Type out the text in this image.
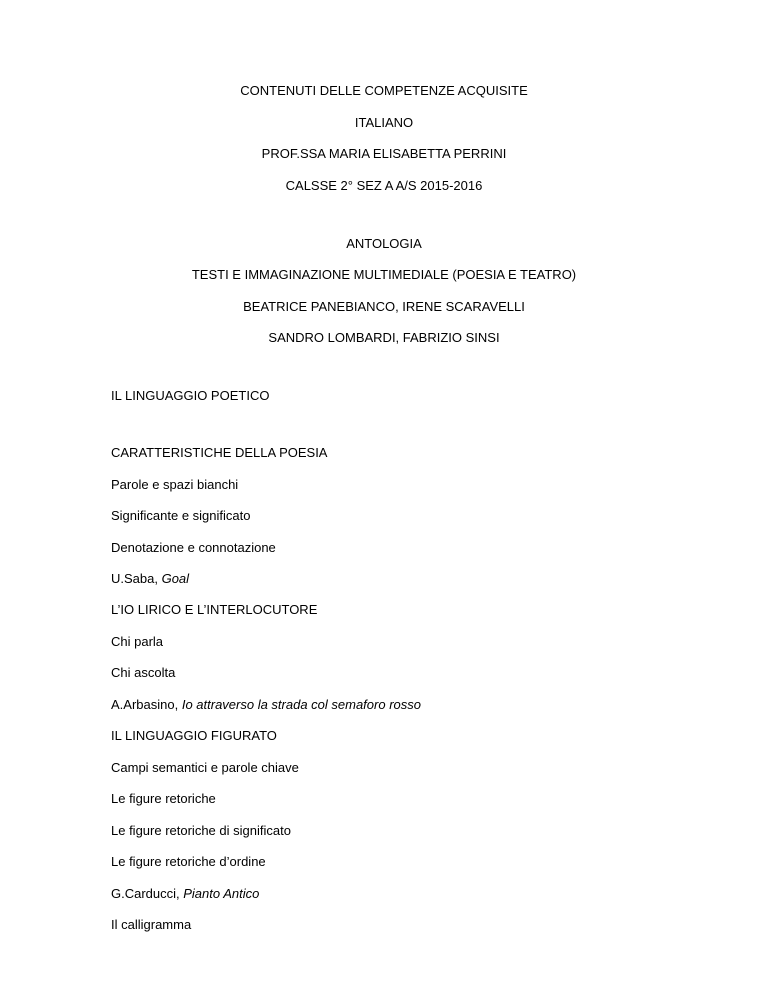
CONTENUTI DELLE COMPETENZE ACQUISITE
ITALIANO
PROF.SSA MARIA ELISABETTA PERRINI
CALSSE 2° SEZ A A/S 2015-2016
ANTOLOGIA
TESTI E IMMAGINAZIONE MULTIMEDIALE (POESIA E TEATRO)
BEATRICE PANEBIANCO, IRENE SCARAVELLI
SANDRO LOMBARDI, FABRIZIO SINSI
IL LINGUAGGIO POETICO
CARATTERISTICHE DELLA POESIA
Parole e spazi bianchi
Significante e significato
Denotazione e connotazione
U.Saba, Goal
L’IO LIRICO E L’INTERLOCUTORE
Chi parla
Chi ascolta
A.Arbasino, Io attraverso la strada col semaforo rosso
IL LINGUAGGIO FIGURATO
Campi semantici e parole chiave
Le figure retoriche
Le figure retoriche di significato
Le figure retoriche d’ordine
G.Carducci, Pianto Antico
Il calligramma
